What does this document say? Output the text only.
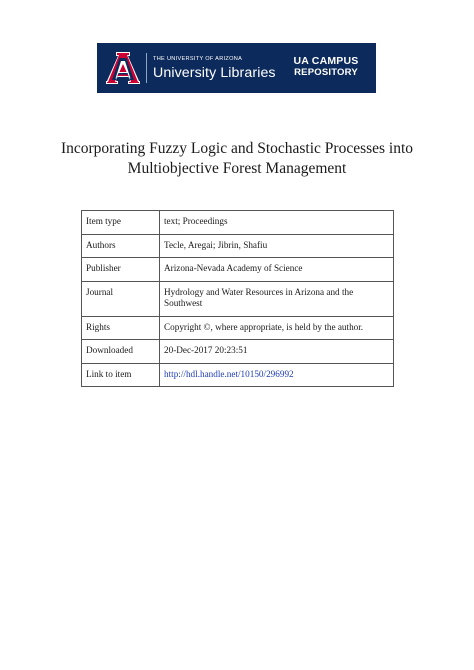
THE UNIVERSITY OF ARIZONA
University Libraries
UA CAMPUS
REPOSITORY
Incorporating Fuzzy Logic and Stochastic Processes into
Multiobjective Forest Management
Item type	text; Proceedings
Authors	Tecle, Aregai; Jibrin, Shafiu
Publisher	Arizona-Nevada Academy of Science
Journal	Hydrology and Water Resources in Arizona and the Southwest
Rights	Copyright ©, where appropriate, is held by the author.
Downloaded	20-Dec-2017 20:23:51
Link to item	http://hdl.handle.net/10150/296992
